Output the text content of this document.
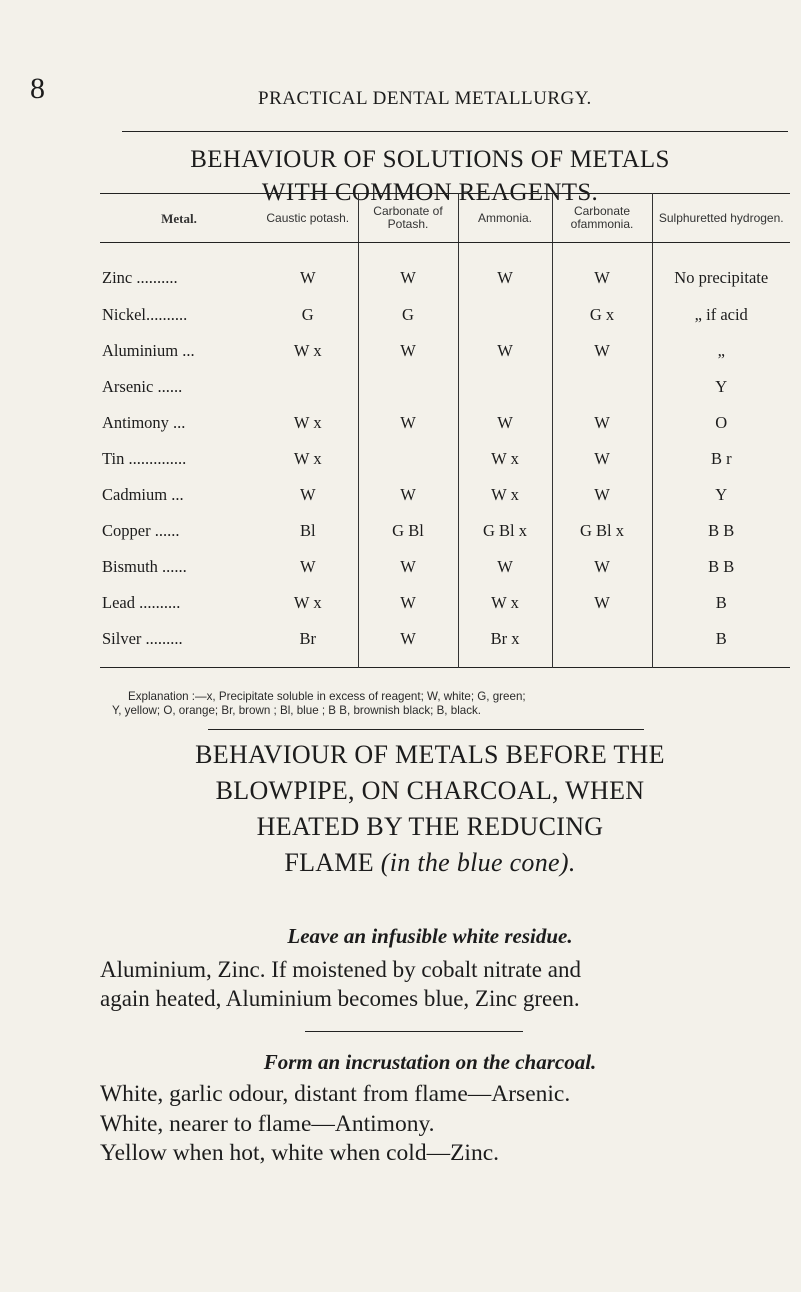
8	PRACTICAL DENTAL METALLURGY.
BEHAVIOUR OF SOLUTIONS OF METALS
WITH COMMON REAGENTS.
Metal.	Caustic potash.	Carbonate of Potash.	Ammonia.	Carbonate ofammonia.	Sulphuretted hydrogen.
Zinc ..........	W	W	W	W	No precipitate
Nickel..........	G	G		G x	„ if acid
Aluminium ...	W x	W	W	W	„
Arsenic ......					Y
Antimony ...	W x	W	W	W	O
Tin ..............	W x		W x	W	B r
Cadmium ...	W	W	W x	W	Y
Copper ......	Bl	G Bl	G Bl x	G Bl x	B B
Bismuth ......	W	W	W	W	B B
Lead ..........	W x	W	W x	W	B
Silver .........	Br	W	Br x		B
Explanation :—x, Precipitate soluble in excess of reagent; W, white; G, green;
Y, yellow; O, orange; Br, brown ; Bl, blue ; B B, brownish black; B, black.
BEHAVIOUR OF METALS BEFORE THE
BLOWPIPE, ON CHARCOAL, WHEN
HEATED BY THE REDUCING
FLAME (in the blue cone).
Leave an infusible white residue.
Aluminium, Zinc. If moistened by cobalt nitrate and
again heated, Aluminium becomes blue, Zinc green.
Form an incrustation on the charcoal.
White, garlic odour, distant from flame—Arsenic.
White, nearer to flame—Antimony.
Yellow when hot, white when cold—Zinc.
